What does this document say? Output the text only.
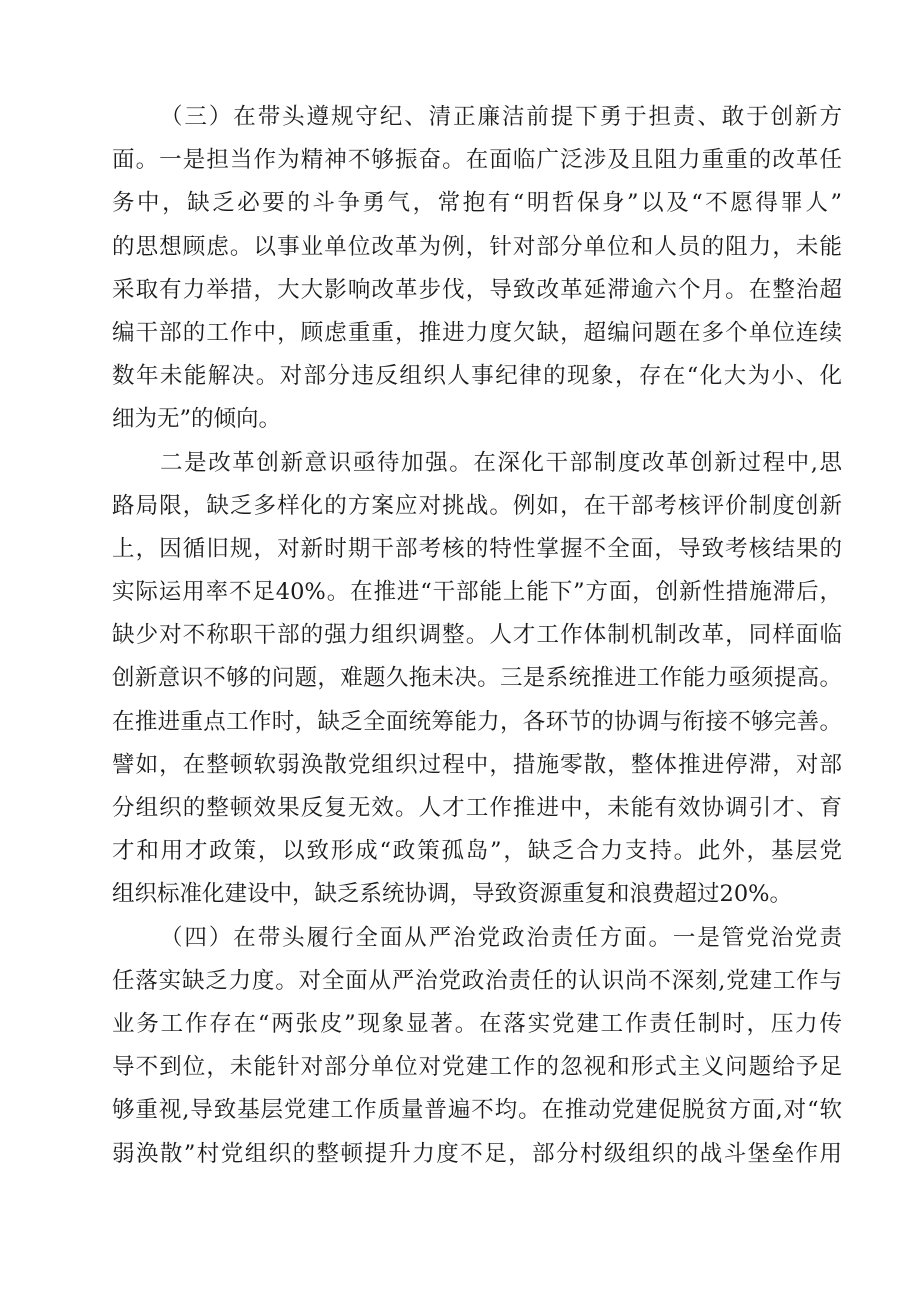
（三）在带头遵规守纪、清正廉洁前提下勇于担责、敢于创新方
面。一是担当作为精神不够振奋。在面临广泛涉及且阻力重重的改革任
务中，缺乏必要的斗争勇气，常抱有“明哲保身”以及“不愿得罪人”
的思想顾虑。以事业单位改革为例，针对部分单位和人员的阻力，未能
采取有力举措，大大影响改革步伐，导致改革延滞逾六个月。在整治超
编干部的工作中，顾虑重重，推进力度欠缺，超编问题在多个单位连续
数年未能解决。对部分违反组织人事纪律的现象，存在“化大为小、化
细为无”的倾向。
二是改革创新意识亟待加强。在深化干部制度改革创新过程中,思
路局限，缺乏多样化的方案应对挑战。例如，在干部考核评价制度创新
上，因循旧规，对新时期干部考核的特性掌握不全面，导致考核结果的
实际运用率不足40%。在推进“干部能上能下”方面，创新性措施滞后，
缺少对不称职干部的强力组织调整。人才工作体制机制改革，同样面临
创新意识不够的问题，难题久拖未决。三是系统推进工作能力亟须提高。
在推进重点工作时，缺乏全面统筹能力，各环节的协调与衔接不够完善。
譬如，在整顿软弱涣散党组织过程中，措施零散，整体推进停滞，对部
分组织的整顿效果反复无效。人才工作推进中，未能有效协调引才、育
才和用才政策，以致形成“政策孤岛”，缺乏合力支持。此外，基层党
组织标准化建设中，缺乏系统协调，导致资源重复和浪费超过20%。
（四）在带头履行全面从严治党政治责任方面。一是管党治党责
任落实缺乏力度。对全面从严治党政治责任的认识尚不深刻,党建工作与
业务工作存在“两张皮”现象显著。在落实党建工作责任制时，压力传
导不到位，未能针对部分单位对党建工作的忽视和形式主义问题给予足
够重视,导致基层党建工作质量普遍不均。在推动党建促脱贫方面,对“软
弱涣散”村党组织的整顿提升力度不足，部分村级组织的战斗堡垒作用
